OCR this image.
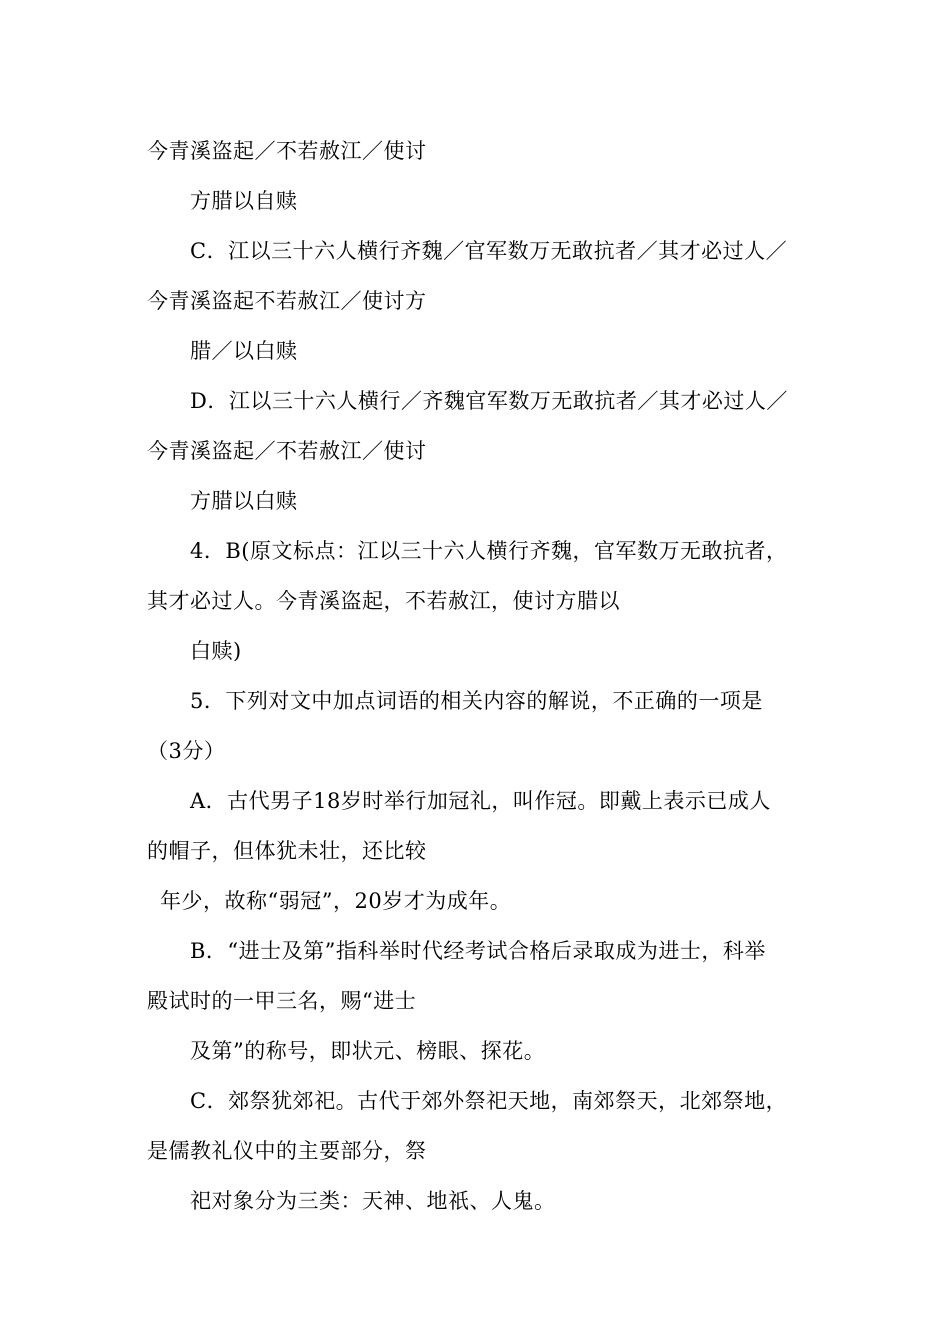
今青溪盗起／不若赦江／使讨
方腊以自赎
C．江以三十六人横行齐魏／官军数万无敢抗者／其才必过人／
今青溪盗起不若赦江／使讨方
腊／以白赎
D．江以三十六人横行／齐魏官军数万无敢抗者／其才必过人／
今青溪盗起／不若赦江／使讨
方腊以白赎
4．B(原文标点：江以三十六人横行齐魏，官军数万无敢抗者，
其才必过人。今青溪盗起，不若赦江，使讨方腊以
白赎)
5．下列对文中加点词语的相关内容的解说，不正确的一项是
（3分）
A．古代男子18岁时举行加冠礼，叫作冠。即戴上表示已成人
的帽子，但体犹未壮，还比较
年少，故称“弱冠”，20岁才为成年。
B．“进士及第”指科举时代经考试合格后录取成为进士，科举
殿试时的一甲三名，赐“进士
及第”的称号，即状元、榜眼、探花。
C．郊祭犹郊祀。古代于郊外祭祀天地，南郊祭天，北郊祭地，
是儒教礼仪中的主要部分，祭
祀对象分为三类：天神、地祇、人鬼。
